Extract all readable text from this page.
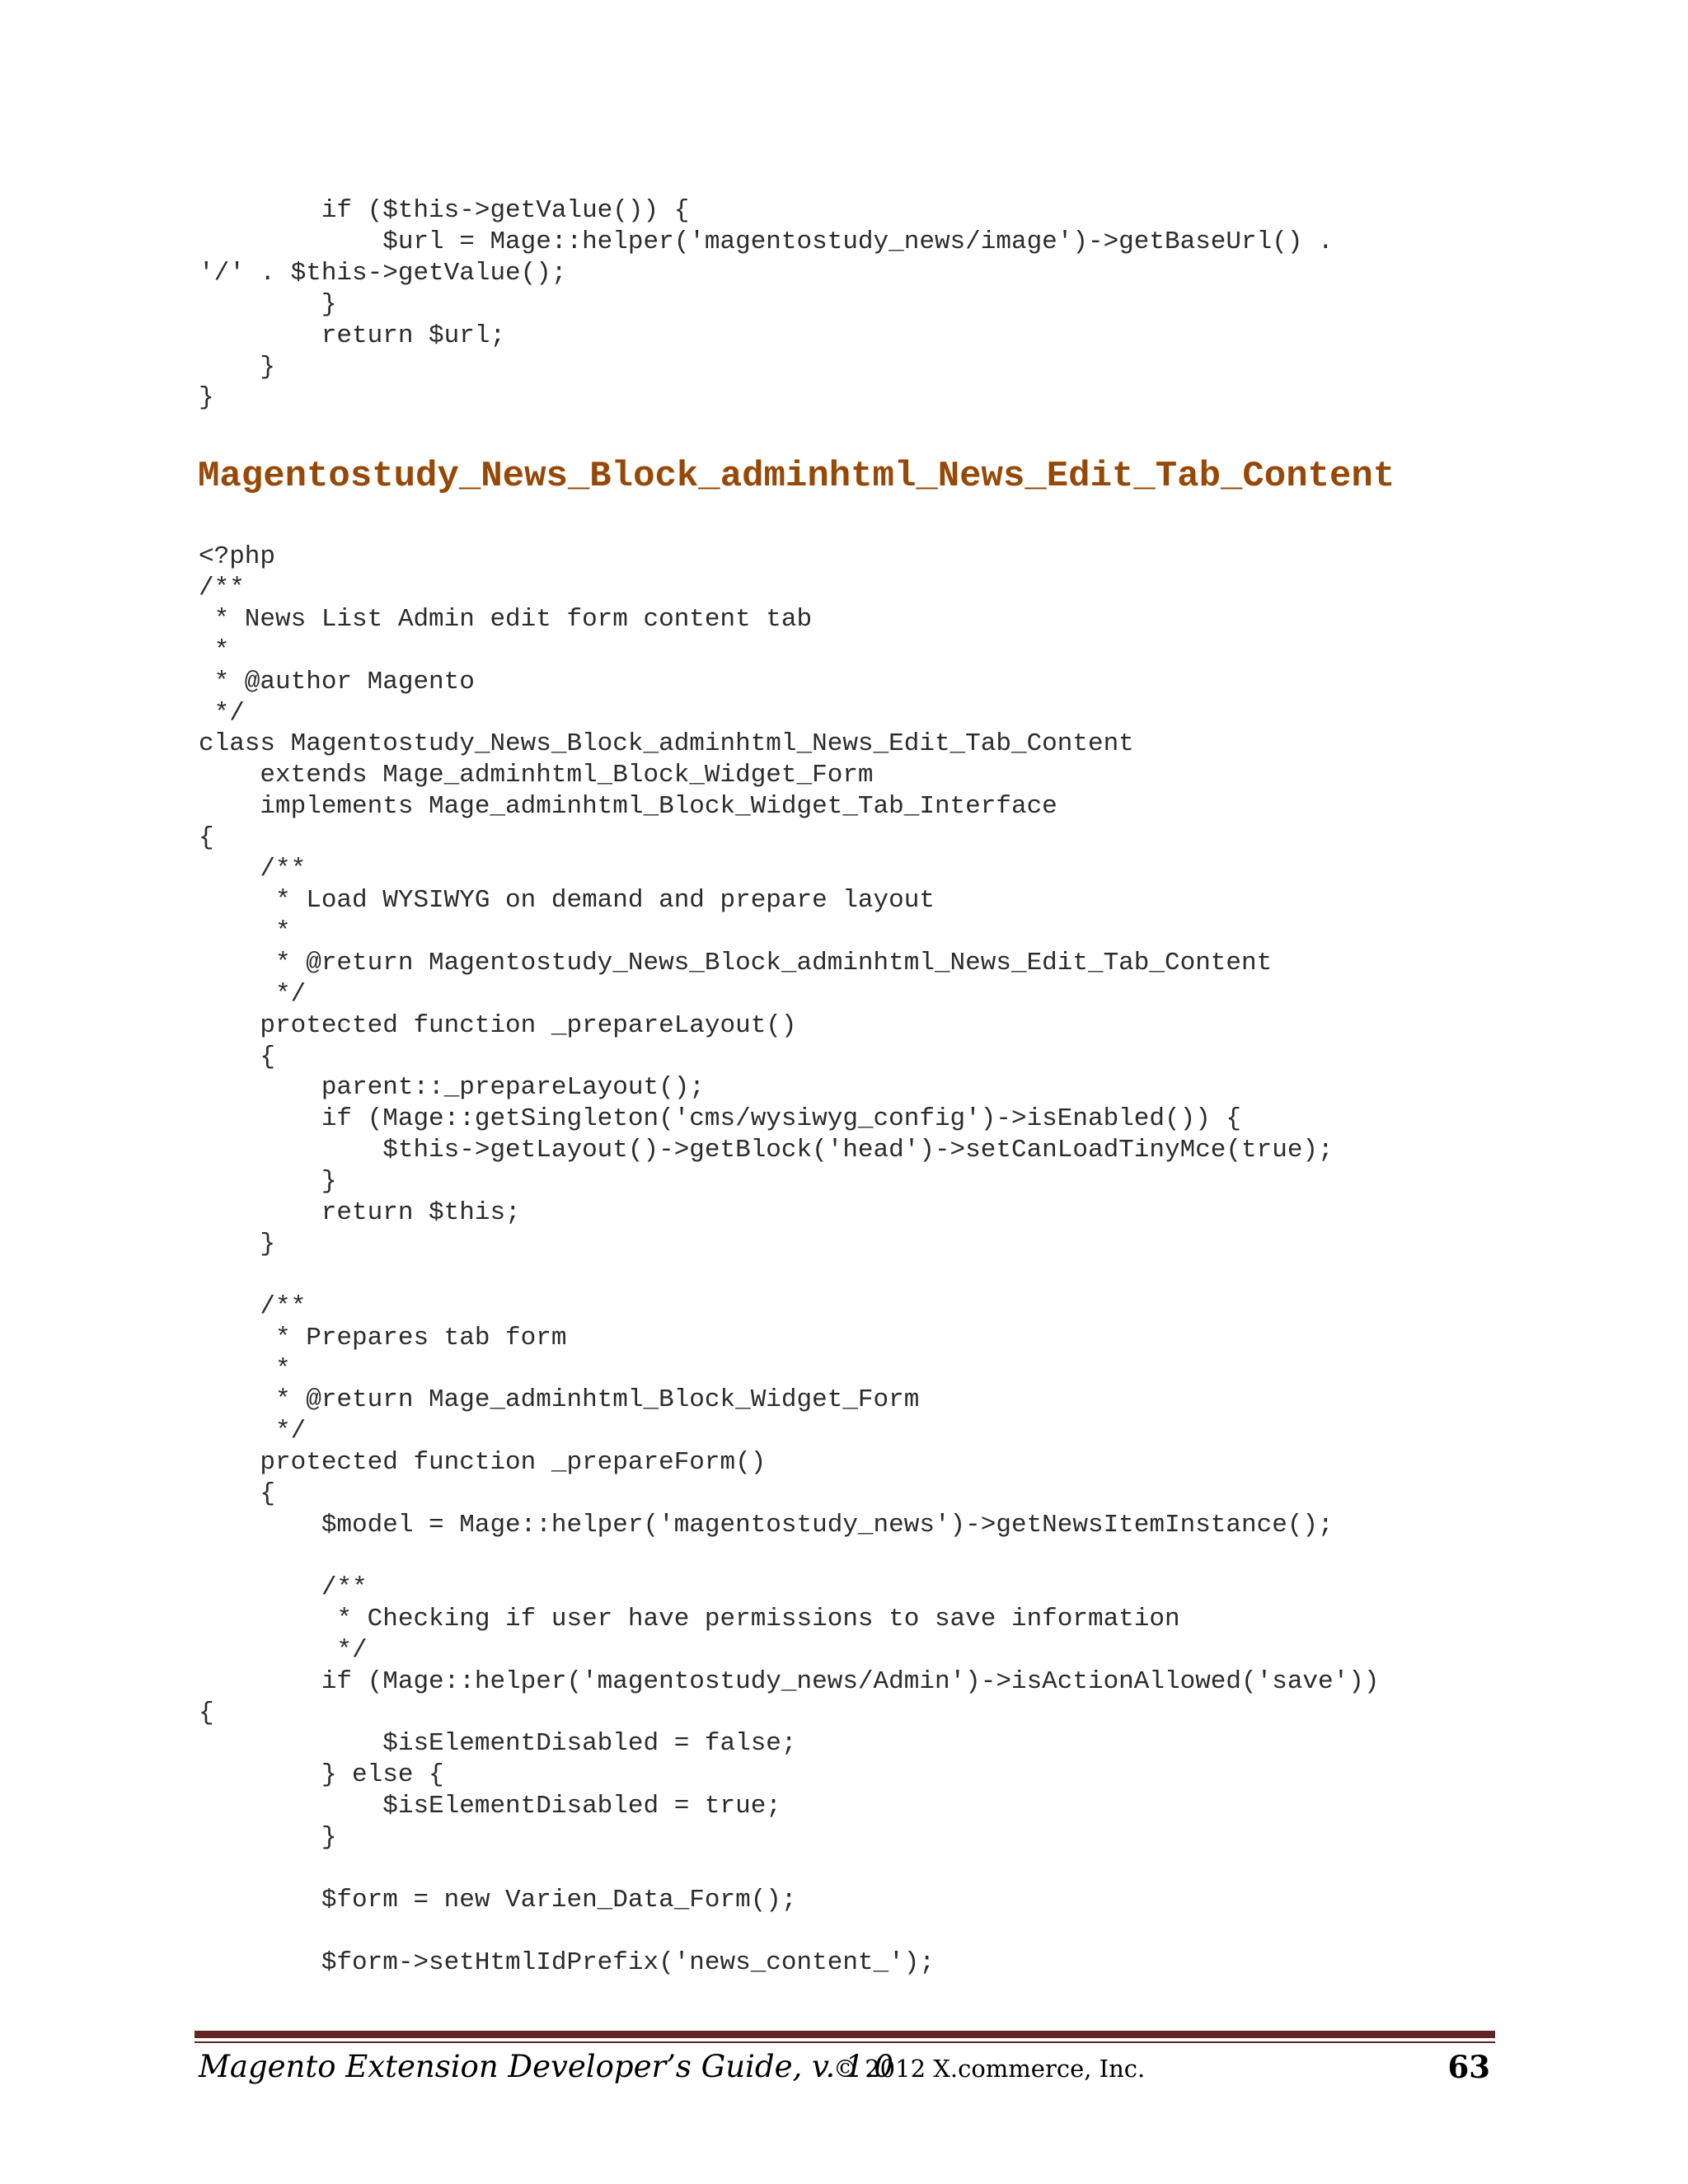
if ($this->getValue()) {
$url = Mage::helper('magentostudy_news/image')->getBaseUrl() .
'/' . $this->getValue();
}
return $url;
}
}
Magentostudy_News_Block_adminhtml_News_Edit_Tab_Content
<?php
/**
* News List Admin edit form content tab
*
* @author Magento
*/
class Magentostudy_News_Block_adminhtml_News_Edit_Tab_Content
extends Mage_adminhtml_Block_Widget_Form
implements Mage_adminhtml_Block_Widget_Tab_Interface
{
/**
* Load WYSIWYG on demand and prepare layout
*
* @return Magentostudy_News_Block_adminhtml_News_Edit_Tab_Content
*/
protected function _prepareLayout()
{
parent::_prepareLayout();
if (Mage::getSingleton('cms/wysiwyg_config')->isEnabled()) {
$this->getLayout()->getBlock('head')->setCanLoadTinyMce(true);
}
return $this;
}

/**
* Prepares tab form
*
* @return Mage_adminhtml_Block_Widget_Form
*/
protected function _prepareForm()
{
$model = Mage::helper('magentostudy_news')->getNewsItemInstance();

/**
* Checking if user have permissions to save information
*/
if (Mage::helper('magentostudy_news/Admin')->isActionAllowed('save'))
{
$isElementDisabled = false;
} else {
$isElementDisabled = true;
}

$form = new Varien_Data_Form();

$form->setHtmlIdPrefix('news_content_');
Magento Extension Developer’s Guide, v. 1.0
© 2012 X.commerce, Inc.	63
